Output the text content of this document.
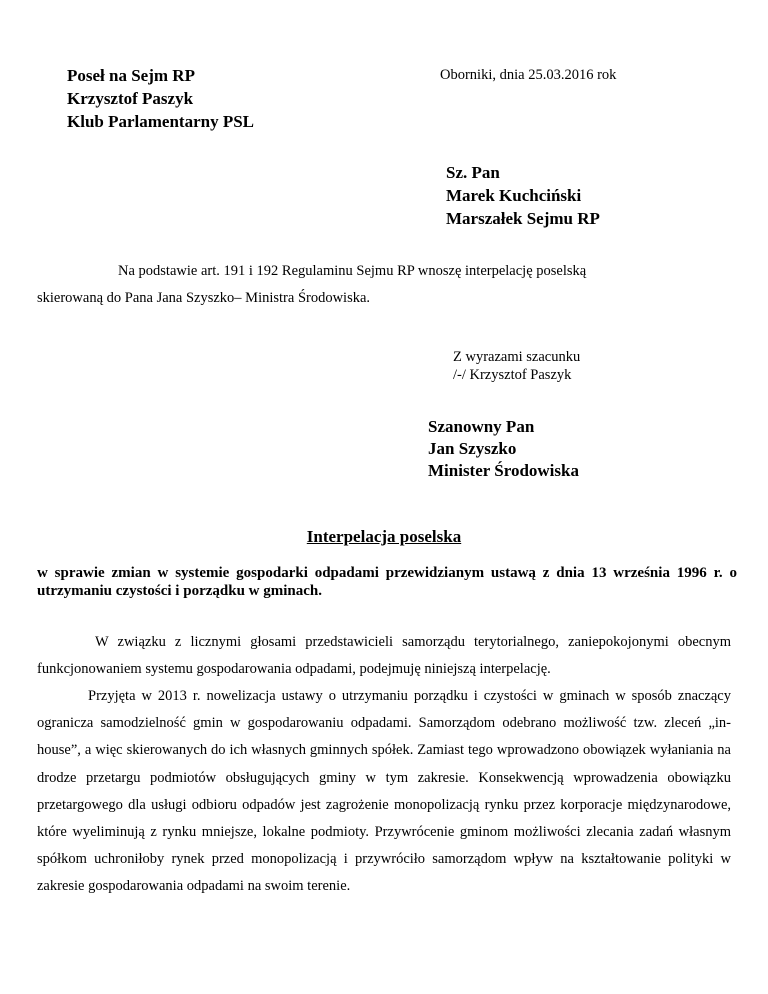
Poseł na Sejm RP
Krzysztof Paszyk
Klub Parlamentarny PSL
Oborniki, dnia 25.03.2016 rok
Sz. Pan
Marek Kuchciński
Marszałek Sejmu RP
Na podstawie art. 191 i 192 Regulaminu Sejmu RP wnoszę interpelację poselską
skierowaną do Pana Jana Szyszko– Ministra Środowiska.
Z wyrazami szacunku
/-/ Krzysztof Paszyk
Szanowny Pan
Jan Szyszko
Minister Środowiska
Interpelacja poselska
w sprawie zmian w systemie gospodarki odpadami przewidzianym ustawą z dnia 13 września 1996 r. o utrzymaniu czystości i porządku w gminach.

W związku z licznymi głosami przedstawicieli samorządu terytorialnego, zaniepokojonymi obecnym funkcjonowaniem systemu gospodarowania odpadami, podejmuję niniejszą interpelację.

Przyjęta w 2013 r. nowelizacja ustawy o utrzymaniu porządku i czystości w gminach w sposób znaczący ogranicza samodzielność gmin w gospodarowaniu odpadami. Samorządom odebrano możliwość tzw. zleceń „in-house”, a więc skierowanych do ich własnych gminnych spółek. Zamiast tego wprowadzono obowiązek wyłaniania na drodze przetargu podmiotów obsługujących gminy w tym zakresie. Konsekwencją wprowadzenia obowiązku przetargowego dla usługi odbioru odpadów jest zagrożenie monopolizacją rynku przez korporacje międzynarodowe, które wyeliminują z rynku mniejsze, lokalne podmioty. Przywrócenie gminom możliwości zlecania zadań własnym spółkom uchroniłoby rynek przed monopolizacją i przywróciło samorządom wpływ na kształtowanie polityki w zakresie gospodarowania odpadami na swoim terenie.
